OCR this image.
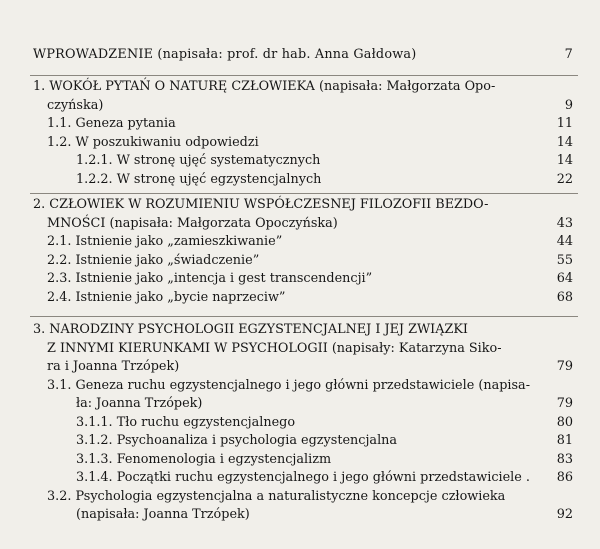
WPROWADZENIE (napisała: prof. dr hab. Anna Gałdowa)	7
1. WOKÓŁ PYTAŃ O NATURĘ CZŁOWIEKA (napisała: Małgorzata Opo-
czyńska)	9
1.1. Geneza pytania	11
1.2. W poszukiwaniu odpowiedzi	14
1.2.1. W stronę ujęć systematycznych	14
1.2.2. W stronę ujęć egzystencjalnych	22
2. CZŁOWIEK W ROZUMIENIU WSPÓŁCZESNEJ FILOZOFII BEZDO-
MNOŚCI (napisała: Małgorzata Opoczyńska)	43
2.1. Istnienie jako „zamieszkiwanie”	44
2.2. Istnienie jako „świadczenie”	55
2.3. Istnienie jako „intencja i gest transcendencji”	64
2.4. Istnienie jako „bycie naprzeciw”	68
3. NARODZINY PSYCHOLOGII EGZYSTENCJALNEJ I JEJ ZWIĄZKI
Z INNYMI KIERUNKAMI W PSYCHOLOGII (napisały: Katarzyna Siko-
ra i Joanna Trzópek)	79
3.1. Geneza ruchu egzystencjalnego i jego główni przedstawiciele (napisa-
ła: Joanna Trzópek)	79
3.1.1. Tło ruchu egzystencjalnego	80
3.1.2. Psychoanaliza i psychologia egzystencjalna	81
3.1.3. Fenomenologia i egzystencjalizm	83
3.1.4. Początki ruchu egzystencjalnego i jego główni przedstawiciele . 86
3.2. Psychologia egzystencjalna a naturalistyczne koncepcje człowieka
(napisała: Joanna Trzópek)	92
